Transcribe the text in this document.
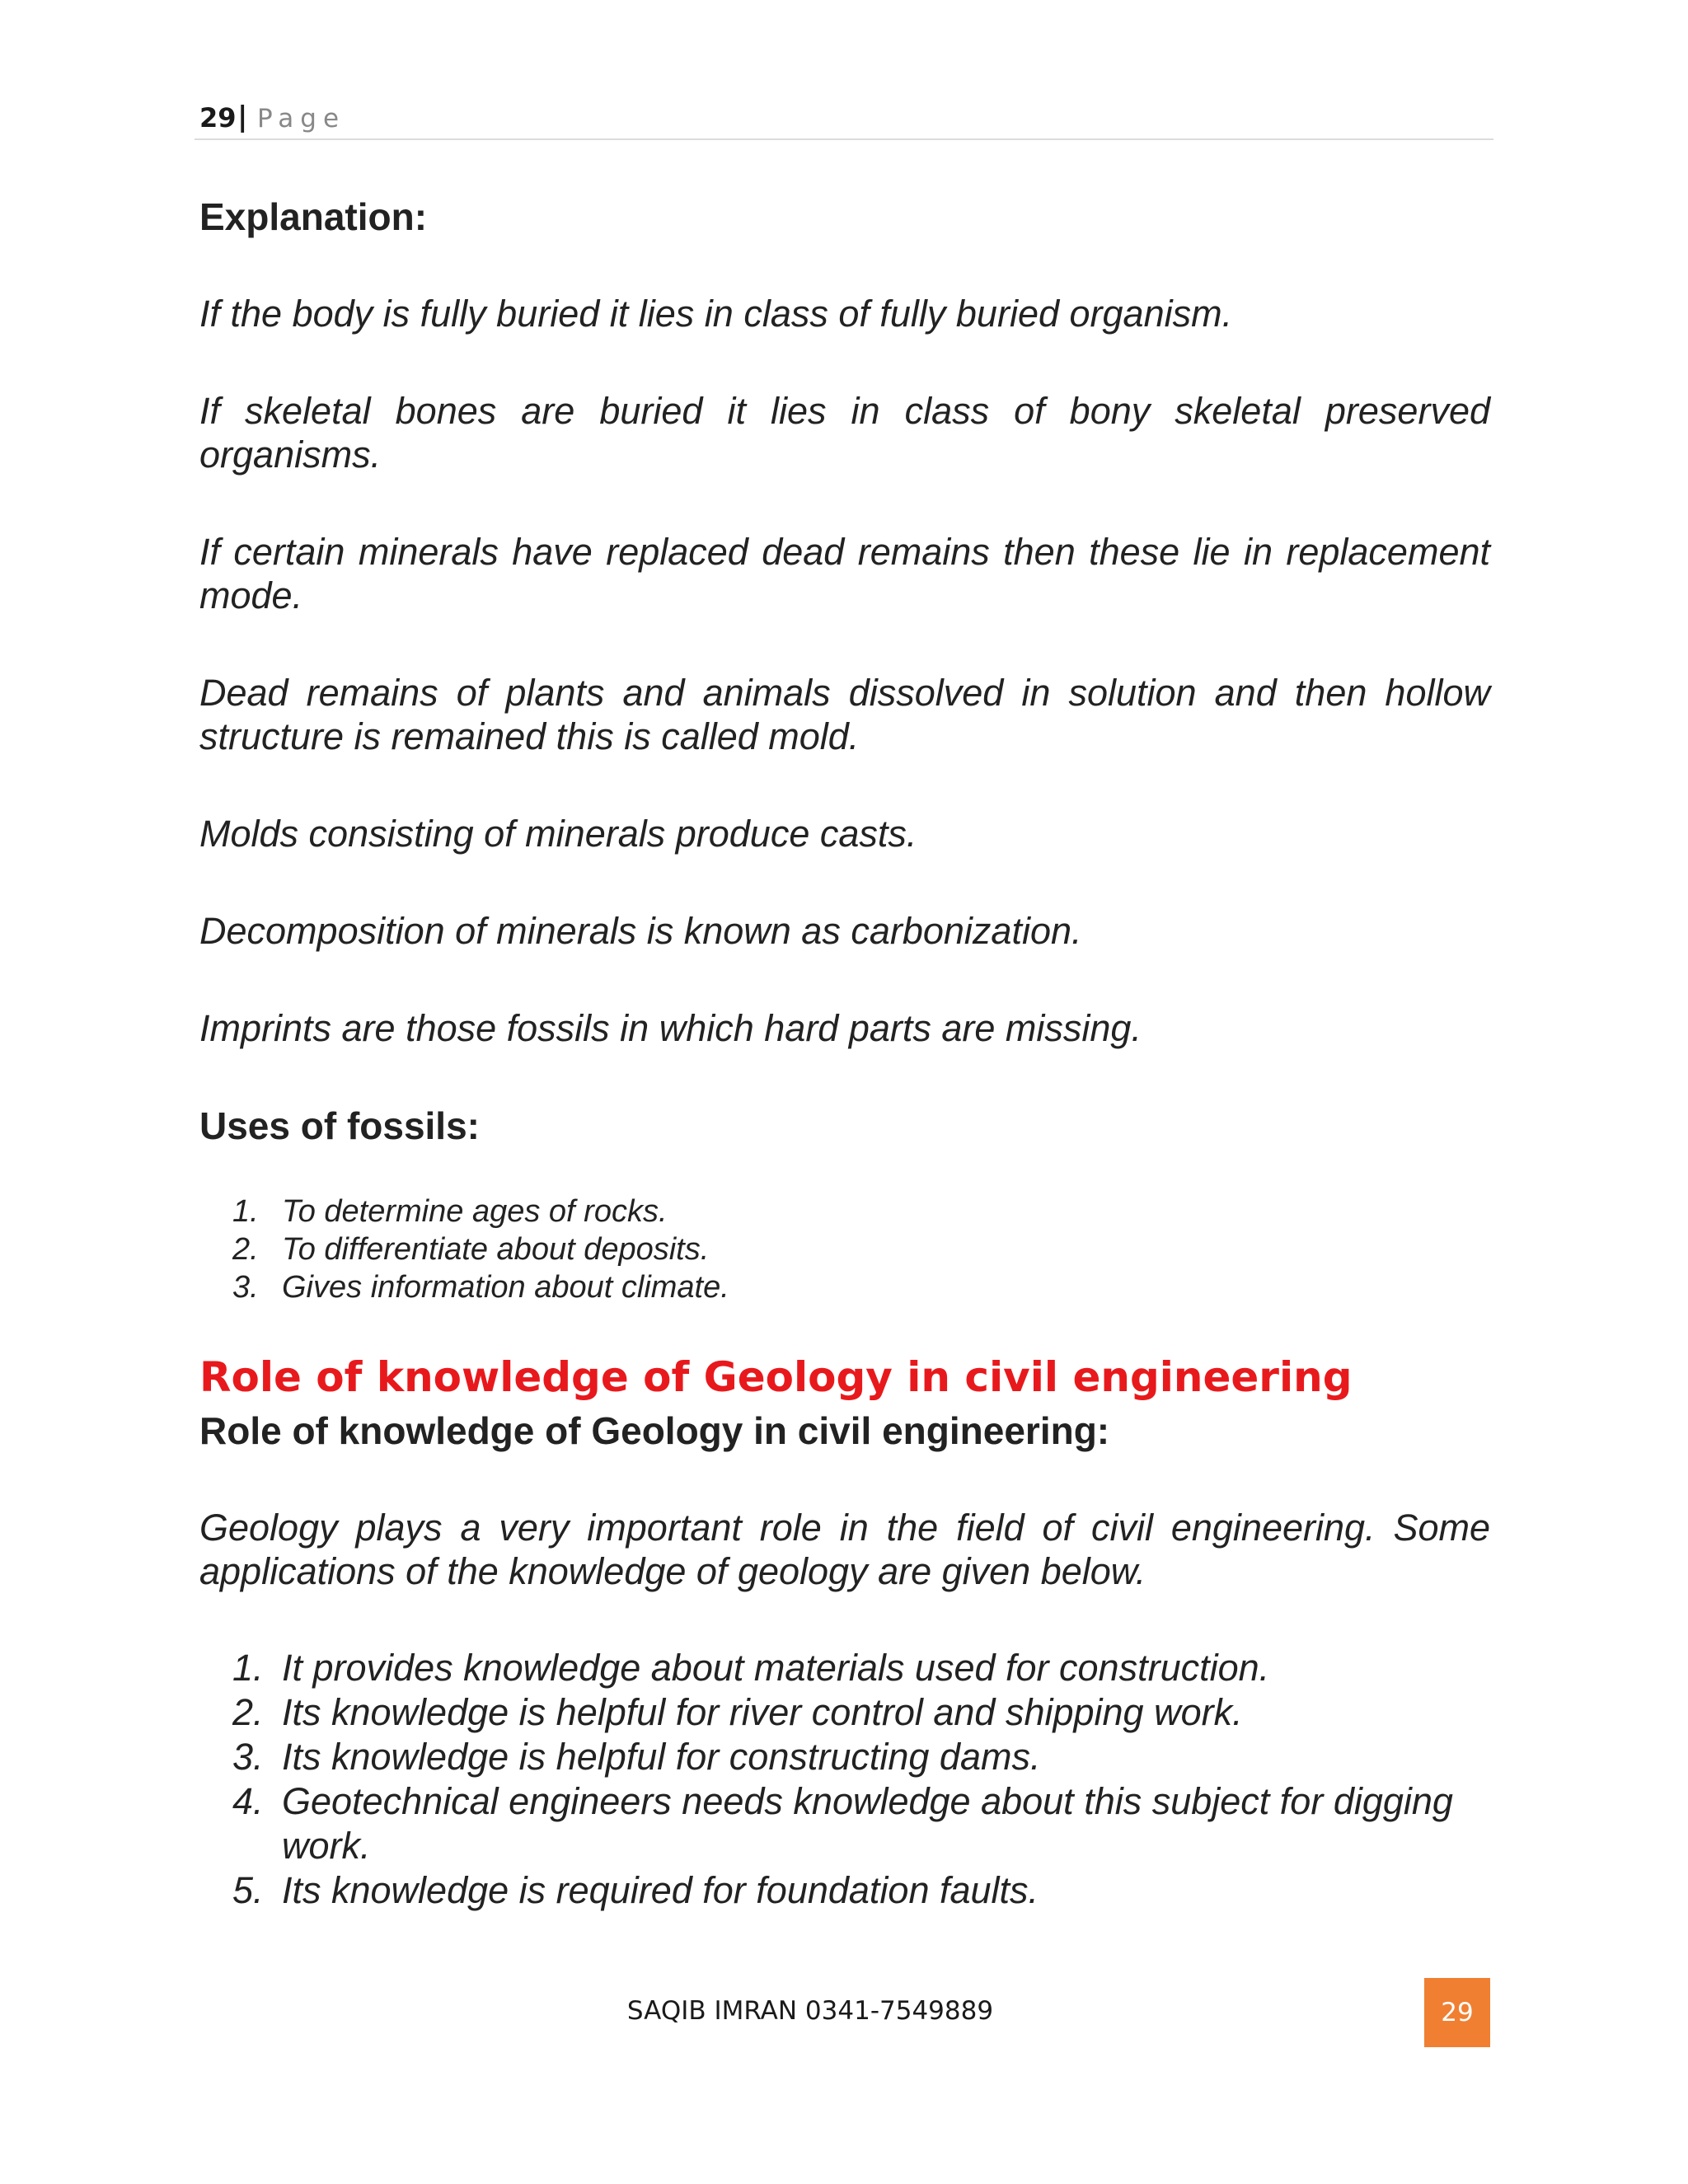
29 | Page

Explanation:

If the body is fully buried it lies in class of fully buried organism.

If skeletal bones are buried it lies in class of bony skeletal preserved organisms.

If certain minerals have replaced dead remains then these lie in replacement mode.

Dead remains of plants and animals dissolved in solution and then hollow structure is remained this is called mold.

Molds consisting of minerals produce casts.

Decomposition of minerals is known as carbonization.

Imprints are those fossils in which hard parts are missing.

Uses of fossils:

1. To determine ages of rocks.
2. To differentiate about deposits.
3. Gives information about climate.

Role of knowledge of Geology in civil engineering

Role of knowledge of Geology in civil engineering:

Geology plays a very important role in the field of civil engineering. Some applications of the knowledge of geology are given below.

1. It provides knowledge about materials used for construction.
2. Its knowledge is helpful for river control and shipping work.
3. Its knowledge is helpful for constructing dams.
4. Geotechnical engineers needs knowledge about this subject for digging work.
5. Its knowledge is required for foundation faults.
SAQIB IMRAN 0341-7549889	29
